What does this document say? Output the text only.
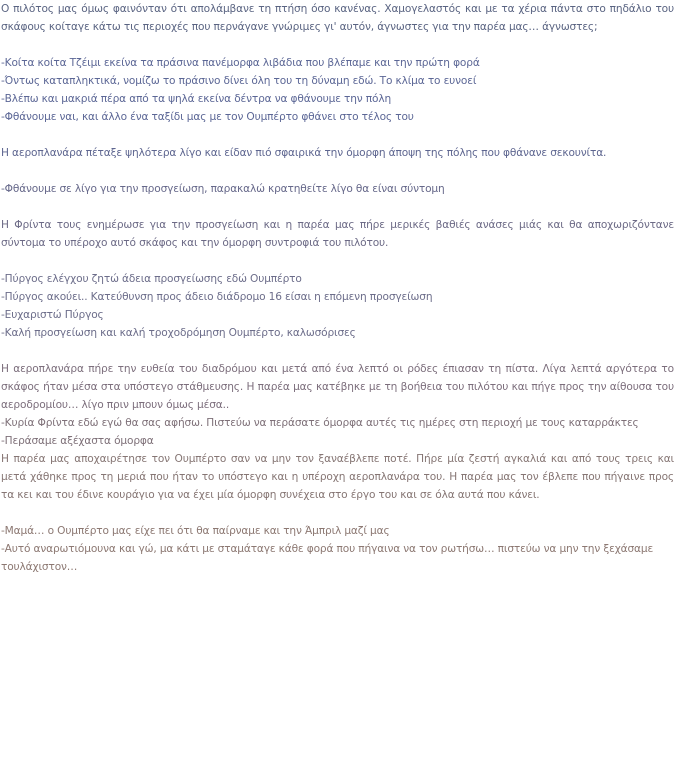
Ο πιλότος μας όμως φαινόνταν ότι απολάμβανε τη πτήση όσο κανένας. Χαμογελαστός και με τα χέρια πάντα στο πηδάλιο του σκάφους κοίταγε κάτω τις περιοχές που περνάγανε γνώριμες γι' αυτόν, άγνωστες για την παρέα μας… άγνωστες;

-Κοίτα κοίτα Τζέιμι εκείνα τα πράσινα πανέμορφα λιβάδια που βλέπαμε και την πρώτη φορά

-Όντως καταπληκτικά, νομίζω το πράσινο δίνει όλη του τη δύναμη εδώ. Το κλίμα το ευνοεί

-Βλέπω και μακριά πέρα από τα ψηλά εκείνα δέντρα να φθάνουμε την πόλη

-Φθάνουμε ναι, και άλλο ένα ταξίδι μας με τον Ουμπέρτο φθάνει στο τέλος του

Η αεροπλανάρα πέταξε ψηλότερα λίγο και είδαν πιό σφαιρικά την όμορφη άποψη της πόλης που φθάνανε σεκουνίτα.

-Φθάνουμε σε λίγο για την προσγείωση, παρακαλώ κρατηθείτε λίγο θα είναι σύντομη

Η Φρίντα τους ενημέρωσε για την προσγείωση και η παρέα μας πήρε μερικές βαθιές ανάσες μιάς και θα αποχωριζόντανε σύντομα το υπέροχο αυτό σκάφος και την όμορφη συντροφιά του πιλότου.

-Πύργος ελέγχου ζητώ άδεια προσγείωσης εδώ Ουμπέρτο

-Πύργος ακούει.. Κατεύθυνση προς άδειο διάδρομο 16 είσαι η επόμενη προσγείωση

-Ευχαριστώ Πύργος

-Καλή προσγείωση και καλή τροχοδρόμηση Ουμπέρτο, καλωσόρισες

Η αεροπλανάρα πήρε την ευθεία του διαδρόμου και μετά από ένα λεπτό οι ρόδες έπιασαν τη πίστα. Λίγα λεπτά αργότερα το σκάφος ήταν μέσα στα υπόστεγο στάθμευσης. Η παρέα μας κατέβηκε με τη βοήθεια του πιλότου και πήγε προς την αίθουσα του αεροδρομίου… λίγο πριν μπουν όμως μέσα..

-Κυρία Φρίντα εδώ εγώ θα σας αφήσω. Πιστεύω να περάσατε όμορφα αυτές τις ημέρες στη περιοχή με τους καταρράκτες

-Περάσαμε αξέχαστα όμορφα

Η παρέα μας αποχαιρέτησε τον Ουμπέρτο σαν να μην τον ξαναέβλεπε ποτέ. Πήρε μία ζεστή αγκαλιά και από τους τρεις και μετά χάθηκε προς τη μεριά που ήταν το υπόστεγο και η υπέροχη αεροπλανάρα του. Η παρέα μας τον έβλεπε που πήγαινε προς τα κει και του έδινε κουράγιο για να έχει μία όμορφη συνέχεια στο έργο του και σε όλα αυτά που κάνει.

-Μαμά… ο Ουμπέρτο μας είχε πει ότι θα παίρναμε και την Άμπριλ μαζί μας

-Αυτό αναρωτιόμουνα και γώ, μα κάτι με σταμάταγε κάθε φορά που πήγαινα να τον ρωτήσω… πιστεύω να μην την ξεχάσαμε τουλάχιστον…
